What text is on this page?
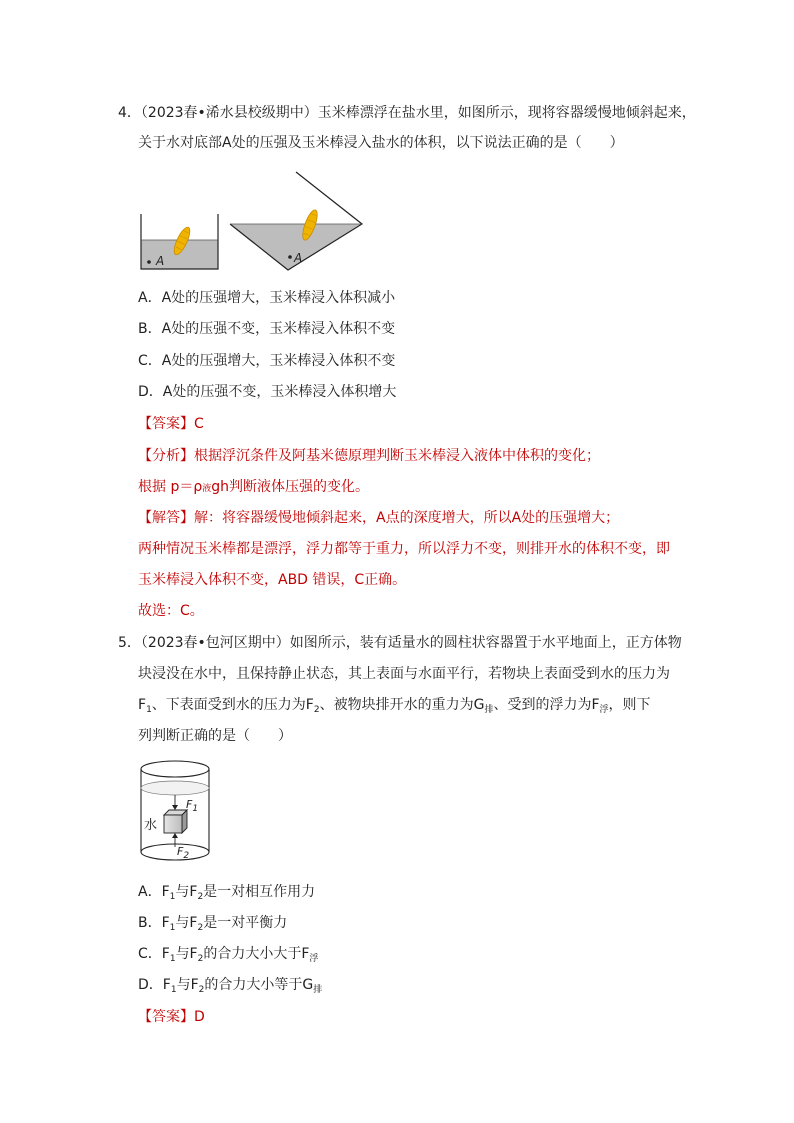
4．（2023春•浠水县校级期中）玉米棒漂浮在盐水里，如图所示，现将容器缓慢地倾斜起来，
关于水对底部A处的压强及玉米棒浸入盐水的体积，以下说法正确的是（　　）
A	A
A．A处的压强增大，玉米棒浸入体积减小
B．A处的压强不变，玉米棒浸入体积不变
C．A处的压强增大，玉米棒浸入体积不变
D．A处的压强不变，玉米棒浸入体积增大
【答案】C
【分析】根据浮沉条件及阿基米德原理判断玉米棒浸入液体中体积的变化；
根据 p＝ρ液gh判断液体压强的变化。
【解答】解：将容器缓慢地倾斜起来，A点的深度增大，所以A处的压强增大；
两种情况玉米棒都是漂浮，浮力都等于重力，所以浮力不变，则排开水的体积不变，即
玉米棒浸入体积不变，ABD 错误，C正确。
故选：C。
5．（2023春•包河区期中）如图所示，装有适量水的圆柱状容器置于水平地面上，正方体物
块浸没在水中，且保持静止状态，其上表面与水面平行，若物块上表面受到水的压力为
$F_1$、下表面受到水的压力为$F_2$、被物块排开水的重力为$G_排$、受到的浮力为$F_浮$，则下
列判断正确的是（　　）
水
$F_1$
$F_2$
A．$F_1$与$F_2$是一对相互作用力
B．$F_1$与$F_2$是一对平衡力
C．$F_1$与$F_2$的合力大小大于$F_浮$
D．$F_1$与$F_2$的合力大小等于$G_排$
【答案】D
